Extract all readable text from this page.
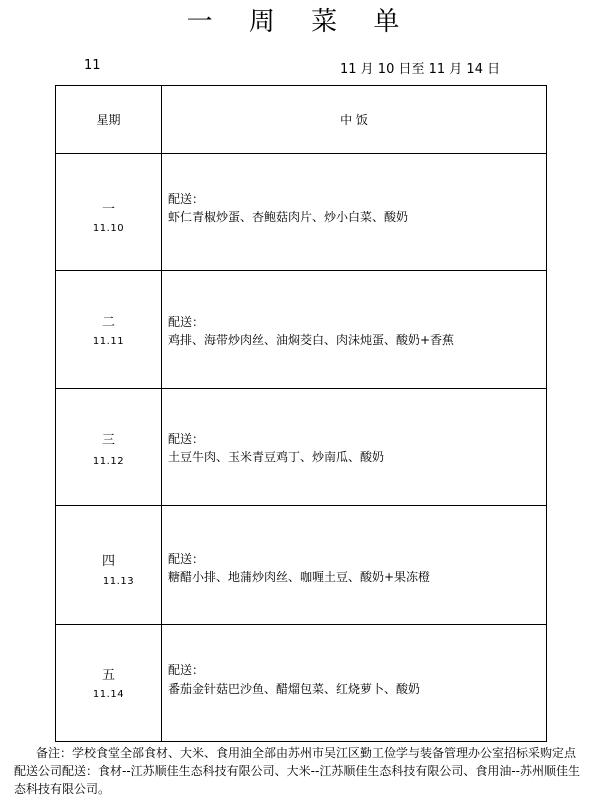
一 周 菜 单
11	11 月 10 日至 11 月 14 日
星期	中 饭
一
11.10
配送：
虾仁青椒炒蛋、杏鲍菇肉片、炒小白菜、酸奶
二
11.11
配送：
鸡排、海带炒肉丝、油焖茭白、肉沫炖蛋、酸奶+香蕉
三
11.12
配送：
土豆牛肉、玉米青豆鸡丁、炒南瓜、酸奶
四
11.13
配送：
糖醋小排、地蒲炒肉丝、咖喱土豆、酸奶+果冻橙
五
11.14
配送：
番茄金针菇巴沙鱼、醋熘包菜、红烧萝卜、酸奶
备注：学校食堂全部食材、大米、食用油全部由苏州市吴江区勤工俭学与装备管理办公室招标采购定点配送公司配送：食材--江苏顺佳生态科技有限公司、大米--江苏顺佳生态科技有限公司、食用油--苏州顺佳生态科技有限公司。
